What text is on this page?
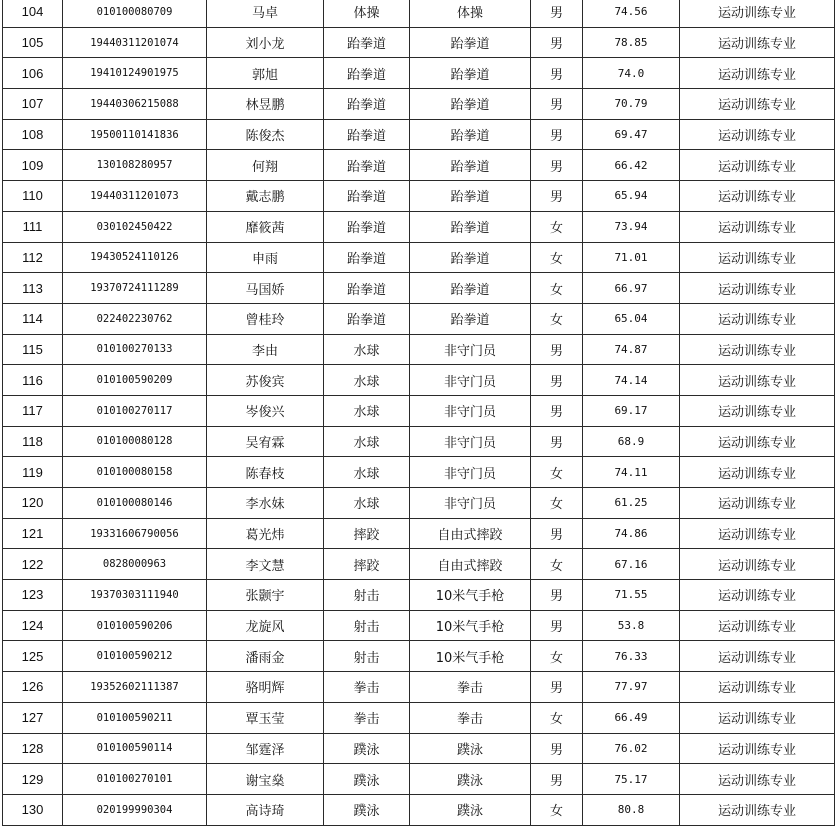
104	010100080709	马卓	体操	体操	男	74.56	运动训练专业
105	19440311201074	刘小龙	跆拳道	跆拳道	男	78.85	运动训练专业
106	19410124901975	郭旭	跆拳道	跆拳道	男	74.0	运动训练专业
107	19440306215088	林昱鹏	跆拳道	跆拳道	男	70.79	运动训练专业
108	19500110141836	陈俊杰	跆拳道	跆拳道	男	69.47	运动训练专业
109	130108280957	何翔	跆拳道	跆拳道	男	66.42	运动训练专业
110	19440311201073	戴志鹏	跆拳道	跆拳道	男	65.94	运动训练专业
111	030102450422	靡筱茜	跆拳道	跆拳道	女	73.94	运动训练专业
112	19430524110126	申雨	跆拳道	跆拳道	女	71.01	运动训练专业
113	19370724111289	马国娇	跆拳道	跆拳道	女	66.97	运动训练专业
114	022402230762	曾桂玲	跆拳道	跆拳道	女	65.04	运动训练专业
115	010100270133	李由	水球	非守门员	男	74.87	运动训练专业
116	010100590209	苏俊宾	水球	非守门员	男	74.14	运动训练专业
117	010100270117	岑俊兴	水球	非守门员	男	69.17	运动训练专业
118	010100080128	吴宥霖	水球	非守门员	男	68.9	运动训练专业
119	010100080158	陈春枝	水球	非守门员	女	74.11	运动训练专业
120	010100080146	李水妹	水球	非守门员	女	61.25	运动训练专业
121	19331606790056	葛光炜	摔跤	自由式摔跤	男	74.86	运动训练专业
122	0828000963	李文慧	摔跤	自由式摔跤	女	67.16	运动训练专业
123	19370303111940	张颢宇	射击	10米气手枪	男	71.55	运动训练专业
124	010100590206	龙旋风	射击	10米气手枪	男	53.8	运动训练专业
125	010100590212	潘雨金	射击	10米气手枪	女	76.33	运动训练专业
126	19352602111387	骆明辉	拳击	拳击	男	77.97	运动训练专业
127	010100590211	覃玉莹	拳击	拳击	女	66.49	运动训练专业
128	010100590114	邹霆泽	蹼泳	蹼泳	男	76.02	运动训练专业
129	010100270101	谢宝燊	蹼泳	蹼泳	男	75.17	运动训练专业
130	020199990304	高诗琦	蹼泳	蹼泳	女	80.8	运动训练专业
